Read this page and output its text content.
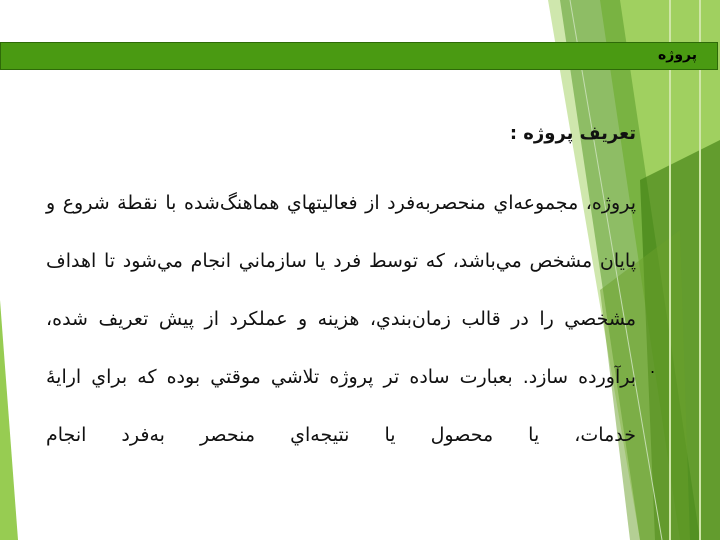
پروژه

تعريف پروژه :

پروژه، مجموعه‌اي منحصربه‌فرد از فعاليتهاي هماهنگ‌شده با نقطة شروع و پايان مشخص مي‌باشد، كه توسط فرد يا سازماني انجام مي‌شود تا اهداف مشخصي را در قالب زمان‌بندي، هزينه و عملكرد از پيش تعريف شده، برآورده سازد. بعبارت ساده تر پروژه تلاشي موقتي بوده كه براي ارايهٔ خدمات، يا محصول يا نتيجه‌اي منحصر به‌فرد انجام

.
